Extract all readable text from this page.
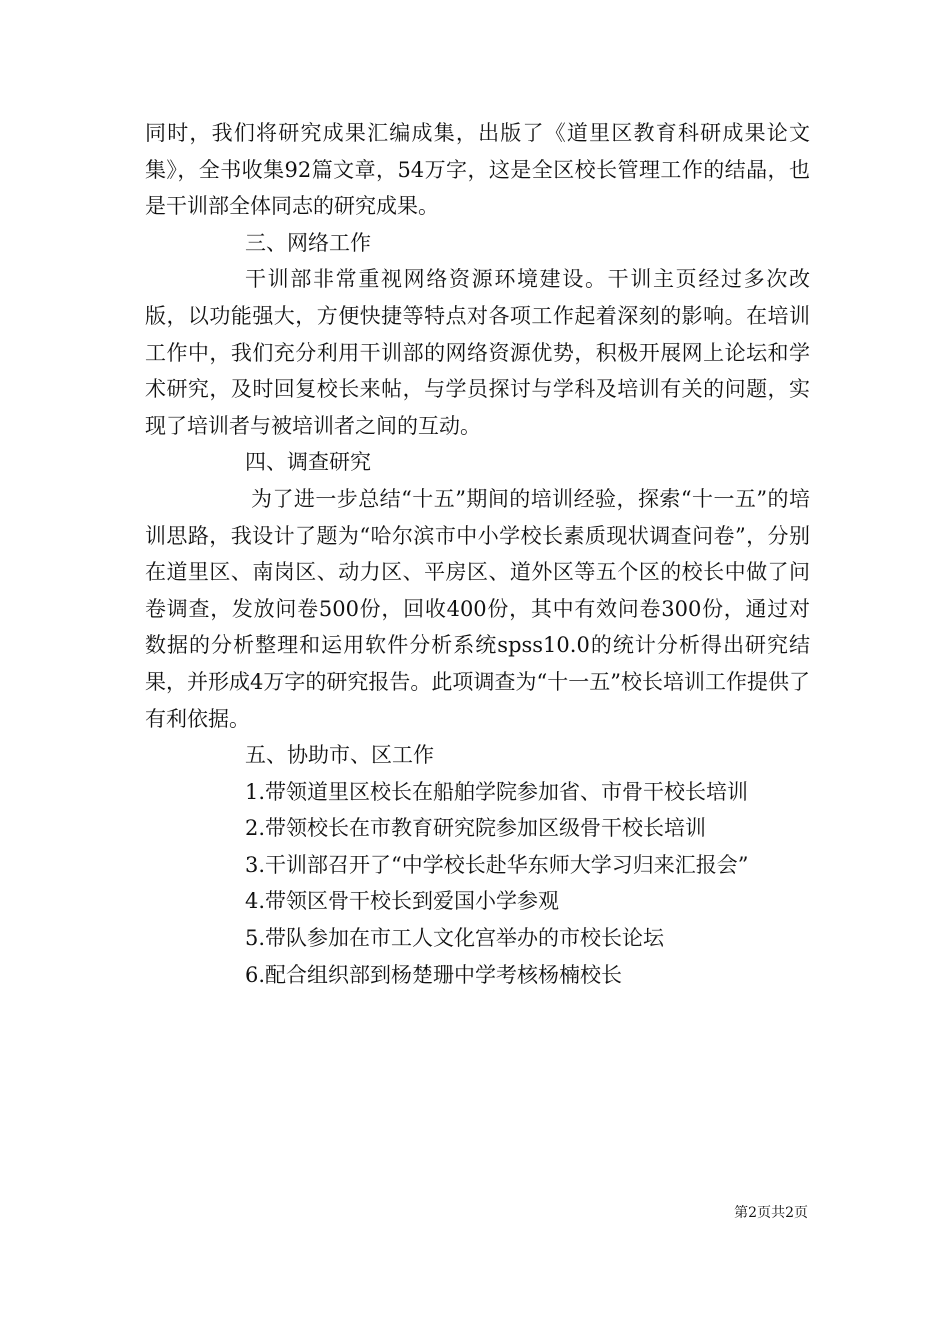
同时，我们将研究成果汇编成集，出版了《道里区教育科研成果论文集》，全书收集92篇文章，54万字，这是全区校长管理工作的结晶，也是干训部全体同志的研究成果。

三、网络工作

干训部非常重视网络资源环境建设。干训主页经过多次改版，以功能强大，方便快捷等特点对各项工作起着深刻的影响。在培训工作中，我们充分利用干训部的网络资源优势，积极开展网上论坛和学术研究，及时回复校长来帖，与学员探讨与学科及培训有关的问题，实现了培训者与被培训者之间的互动。

四、调查研究

为了进一步总结“十五”期间的培训经验，探索“十一五”的培训思路，我设计了题为“哈尔滨市中小学校长素质现状调查问卷”，分别在道里区、南岗区、动力区、平房区、道外区等五个区的校长中做了问卷调查，发放问卷500份，回收400份，其中有效问卷300份，通过对数据的分析整理和运用软件分析系统spss10.0的统计分析得出研究结果，并形成4万字的研究报告。此项调查为“十一五”校长培训工作提供了有利依据。

五、协助市、区工作

1.带领道里区校长在船舶学院参加省、市骨干校长培训

2.带领校长在市教育研究院参加区级骨干校长培训

3.干训部召开了“中学校长赴华东师大学习归来汇报会”

4.带领区骨干校长到爱国小学参观

5.带队参加在市工人文化宫举办的市校长论坛

6.配合组织部到杨楚珊中学考核杨楠校长

第2页共2页
